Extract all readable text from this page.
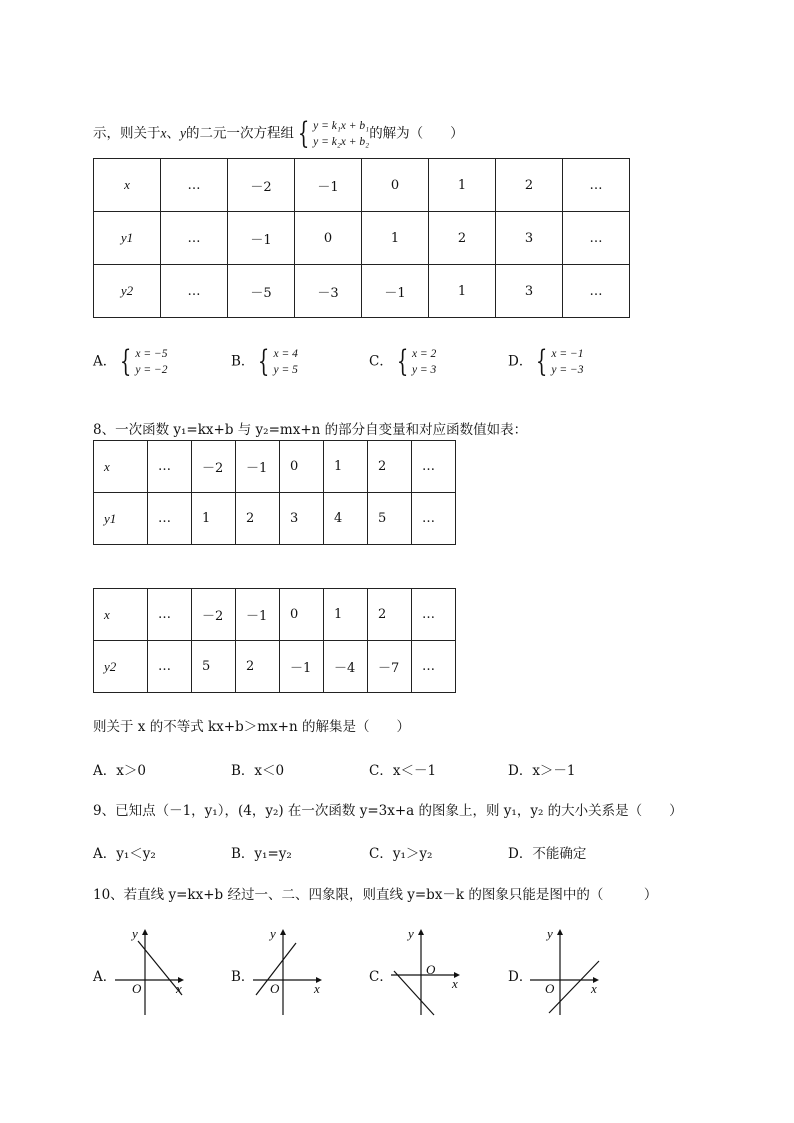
示，则关于x、y的二元一次方程组 { y = k₁x + b₁
y = k₂x + b₂的解为（　　）
x	…	－2	－1	0	1	2	…
y1	…	－1	0	1	2	3	…
y2	…	－5	－3	－1	1	3	…
A． { x = −5
y = −2
B． { x = 4
y = 5
C． { x = 2
y = 3
D． { x = −1
y = −3
8、一次函数 y₁=kx+b 与 y₂=mx+n 的部分自变量和对应函数值如表：
x	…	－2	－1	0	1	2	…
y1	…	1	2	3	4	5	…
x	…	－2	－1	0	1	2	…
y2	…	5	2	－1	－4	－7	…
则关于 x 的不等式 kx+b＞mx+n 的解集是（　　）
A．x＞0	B．x＜0	C．x＜－1	D．x＞－1
9、已知点（－1，y₁），(4，y₂) 在一次函数 y=3x+a 的图象上，则 y₁，y₂ 的大小关系是（　　）
A．y₁＜y₂	B．y₁=y₂	C．y₁＞y₂	D．不能确定
10、若直线 y=kx+b 经过一、二、四象限，则直线 y=bx－k 的图象只能是图中的（　　　）
A．
y
x
O
B．
y
x
O
C．
y
x
O	D．
y
x
O
